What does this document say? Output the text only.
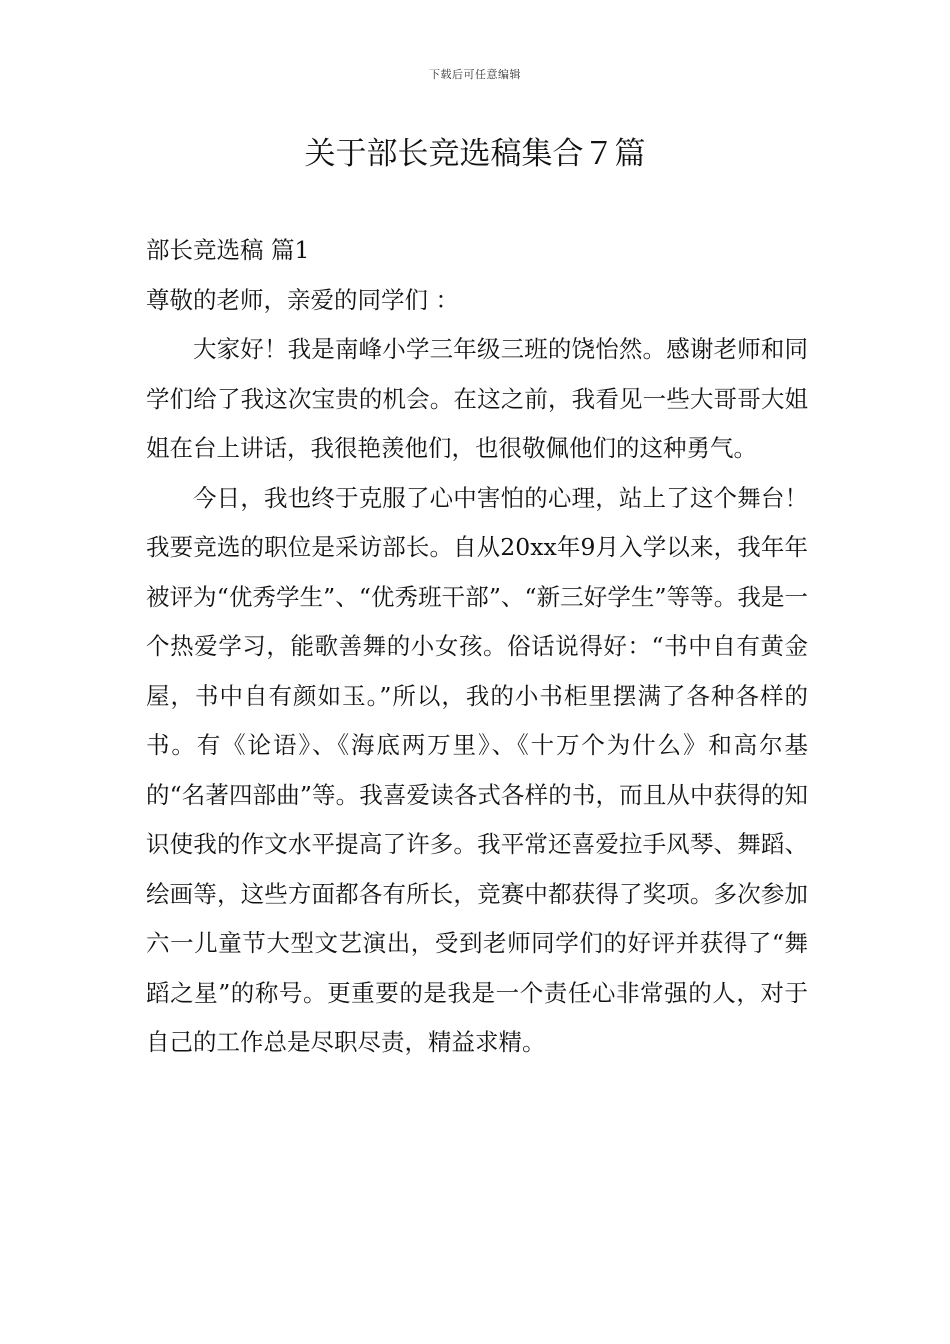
下载后可任意编辑
关于部长竞选稿集合７篇

部长竞选稿 篇1

尊敬的老师，亲爱的同学们 ：

大家好！我是南峰小学三年级三班的饶怡然。感谢老师和同学们给了我这次宝贵的机会。在这之前，我看见一些大哥哥大姐姐在台上讲话，我很艳羡他们，也很敬佩他们的这种勇气。

今日，我也终于克服了心中害怕的心理，站上了这个舞台！我要竞选的职位是采访部长。自从20xx年9月入学以来，我年年被评为“优秀学生”、“优秀班干部”、“新三好学生”等等。我是一个热爱学习，能歌善舞的小女孩。俗话说得好：“书中自有黄金屋，书中自有颜如玉。”所以，我的小书柜里摆满了各种各样的书。有《论语》、《海底两万里》、《十万个为什么》和高尔基的“名著四部曲”等。我喜爱读各式各样的书，而且从中获得的知识使我的作文水平提高了许多。我平常还喜爱拉手风琴、舞蹈、绘画等，这些方面都各有所长，竞赛中都获得了奖项。多次参加六一儿童节大型文艺演出，受到老师同学们的好评并获得了“舞蹈之星”的称号。更重要的是我是一个责任心非常强的人，对于自己的工作总是尽职尽责，精益求精。
